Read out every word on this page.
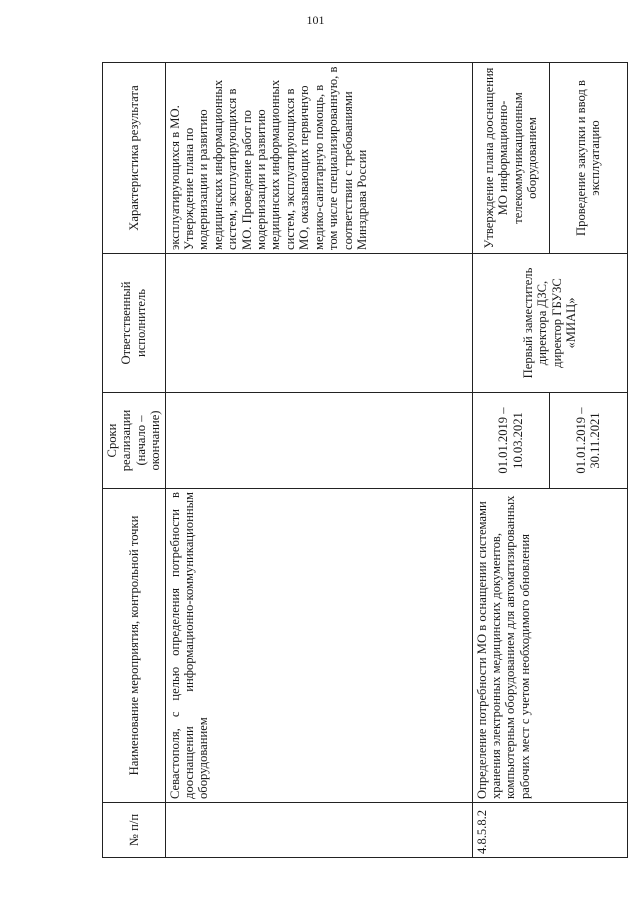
101
№ п/п	Наименование мероприятия, контрольной точки	Сроки реализации (начало – окончание)	Ответственный исполнитель	Характеристика результата
	Севастополя, с целью определения потребности в дооснащении информационно-коммуникационным оборудованием			эксплуатирующихся в МО. Утверждение плана по модернизации и развитию медицинских информационных систем, эксплуатирующихся в МО. Проведение работ по модернизации и развитию медицинских информационных систем, эксплуатирующихся в МО, оказывающих первичную медико-санитарную помощь, в том числе специализированную, в соответствии с требованиями Минздрава России
4.8.5.8.2	Определение потребности МО в оснащении системами хранения электронных медицинских документов, компьютерным оборудованием для автоматизированных рабочих мест с учетом необходимого обновления	01.01.2019 – 10.03.2021	Первый заместитель директора ДЗС, директор ГБУЗС «МИАЦ»	Утверждение плана дооснащения МО информационно-телекоммуникационным оборудованием
		01.01.2019 – 30.11.2021		Проведение закупки и ввод в эксплуатацию
